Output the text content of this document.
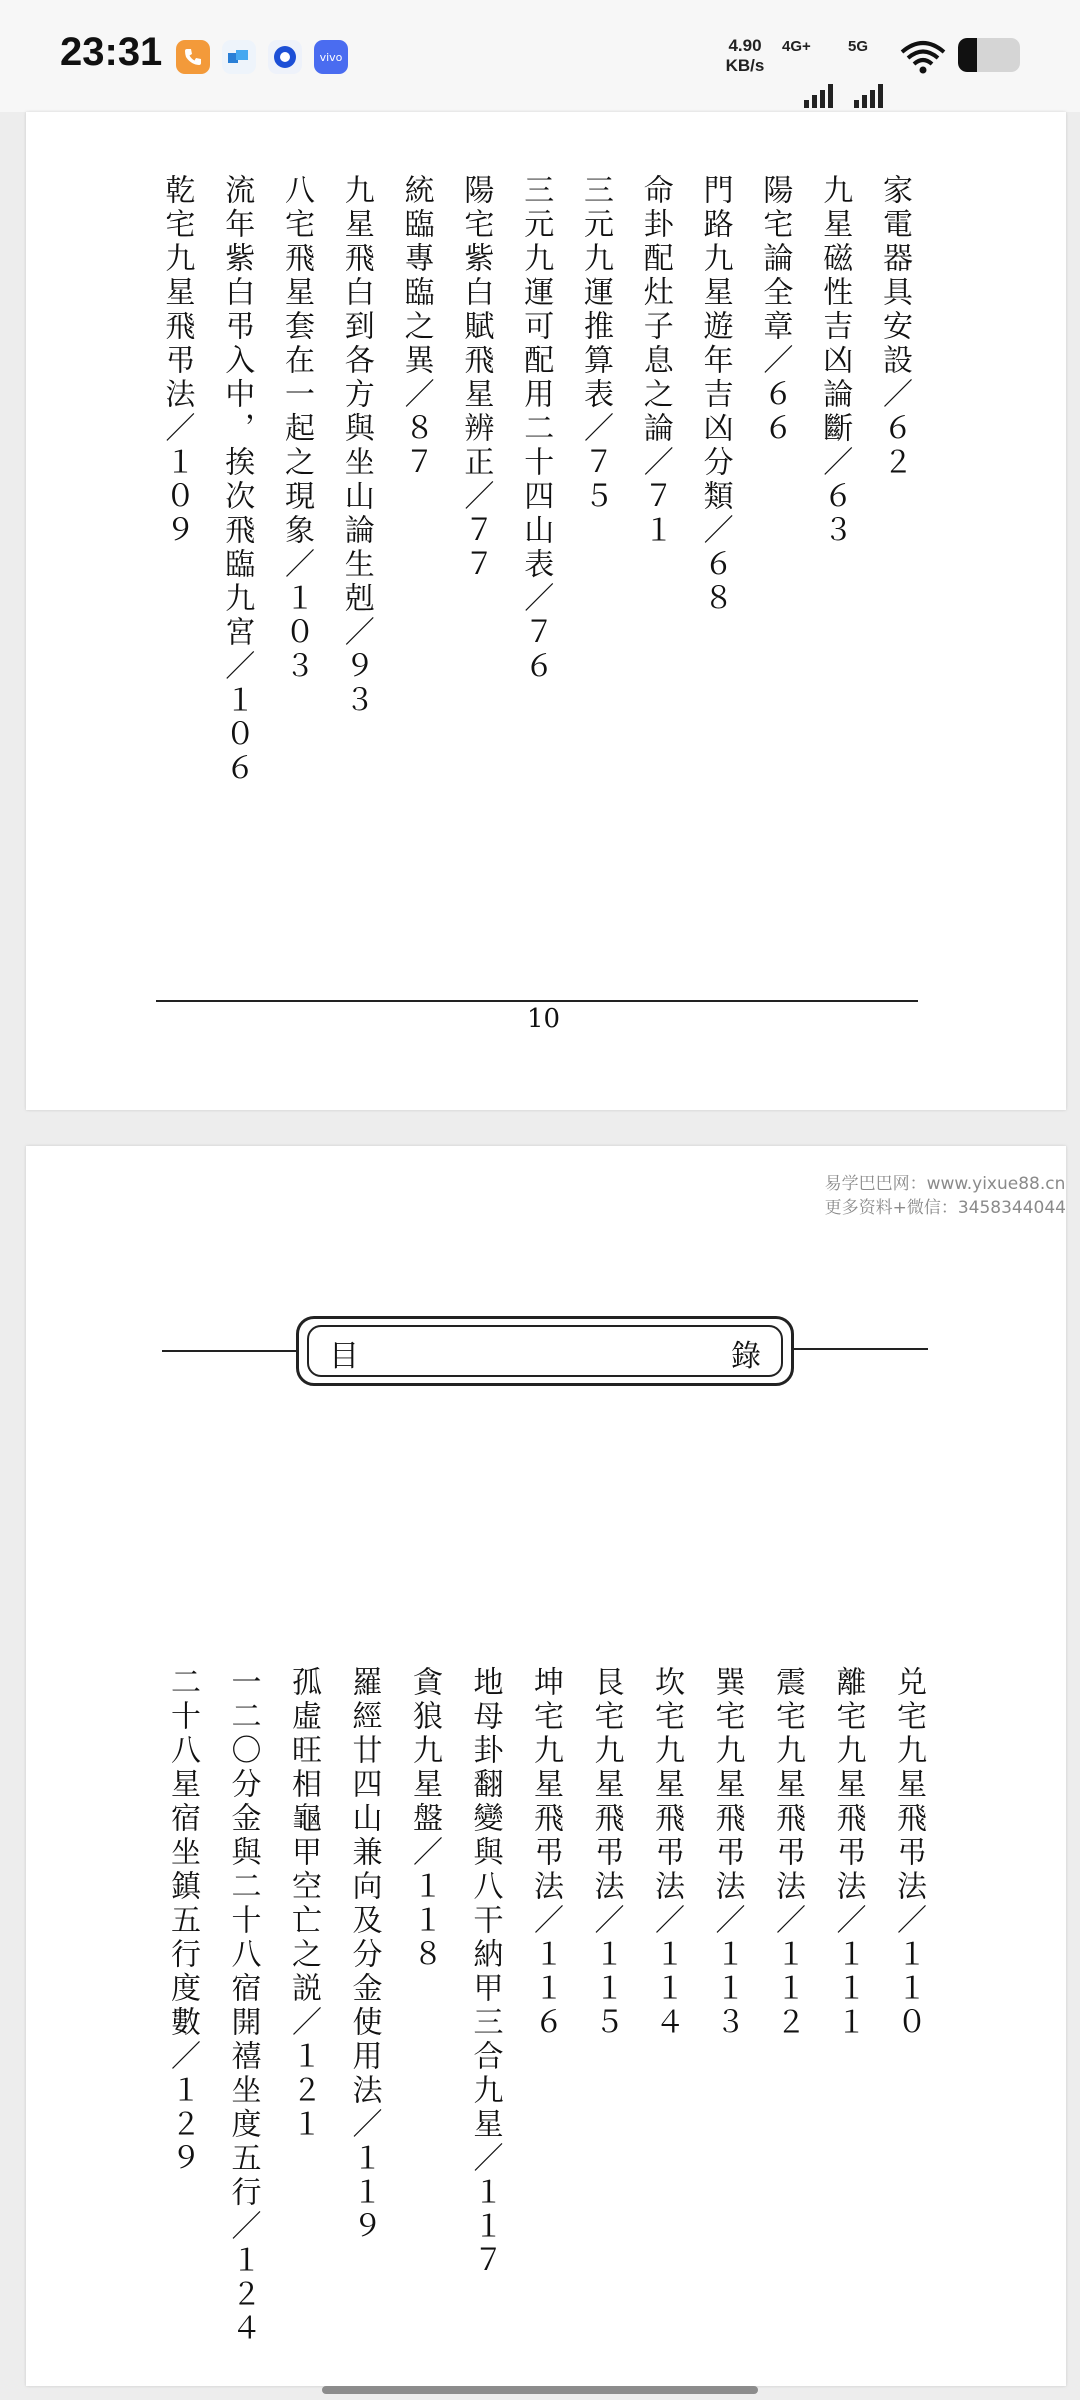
23:31	vivo
4.90
KB/s
4G+ 5G
家電器具安設／６２
九星磁性吉凶論斷／６３
陽宅論全章／６６
門路九星遊年吉凶分類／６８
命卦配灶子息之論／７１
三元九運推算表／７５
三元九運可配用二十四山表／７６
陽宅紫白賦飛星辨正／７７
統臨專臨之異／８７
九星飛白到各方與坐山論生剋／９３
八宅飛星套在一起之現象／１０３
流年紫白弔入中，挨次飛臨九宮／１０６
乾宅九星飛弔法／１０９
10
易学巴巴网：www.yixue88.cn
更多资料+微信：3458344044
目	錄
兑宅九星飛弔法／１１０
離宅九星飛弔法／１１１
震宅九星飛弔法／１１２
巽宅九星飛弔法／１１３
坎宅九星飛弔法／１１４
艮宅九星飛弔法／１１５
坤宅九星飛弔法／１１６
地母卦翻變與八干納甲三合九星／１１７
貪狼九星盤／１１８
羅經廿四山兼向及分金使用法／１１９
孤虛旺相龜甲空亡之説／１２１
一二〇分金與二十八宿開禧坐度五行／１２４
二十八星宿坐鎮五行度數／１２９
